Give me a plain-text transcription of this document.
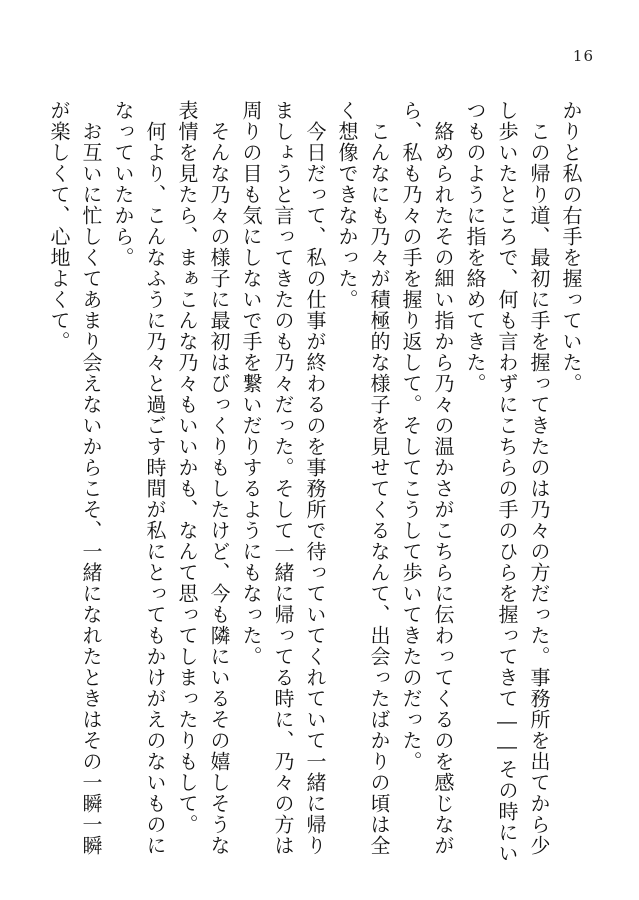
16

かりと私の右手を握っていた。

　この帰り道、最初に手を握ってきたのは乃々の方だった。事務所を出てから少し歩いたところで、何も言わずにこちらの手のひらを握ってきて――その時にいつものように指を絡めてきた。

　絡められたその細い指から乃々の温かさがこちらに伝わってくるのを感じながら、私も乃々の手を握り返して。そしてこうして歩いてきたのだった。

　こんなにも乃々が積極的な様子を見せてくるなんて、出会ったばかりの頃は全く想像できなかった。

　今日だって、私の仕事が終わるのを事務所で待っていてくれていて一緒に帰りましょうと言ってきたのも乃々だった。そして一緒に帰ってる時に、乃々の方は周りの目も気にしないで手を繋いだりするようにもなった。

　そんな乃々の様子に最初はびっくりもしたけど、今も隣にいるその嬉しそうな表情を見たら、まぁこんな乃々もいいかも、なんて思ってしまったりもして。

　何より、こんなふうに乃々と過ごす時間が私にとってもかけがえのないものになっていたから。

　お互いに忙しくてあまり会えないからこそ、一緒になれたときはその一瞬一瞬が楽しくて、心地よくて。
